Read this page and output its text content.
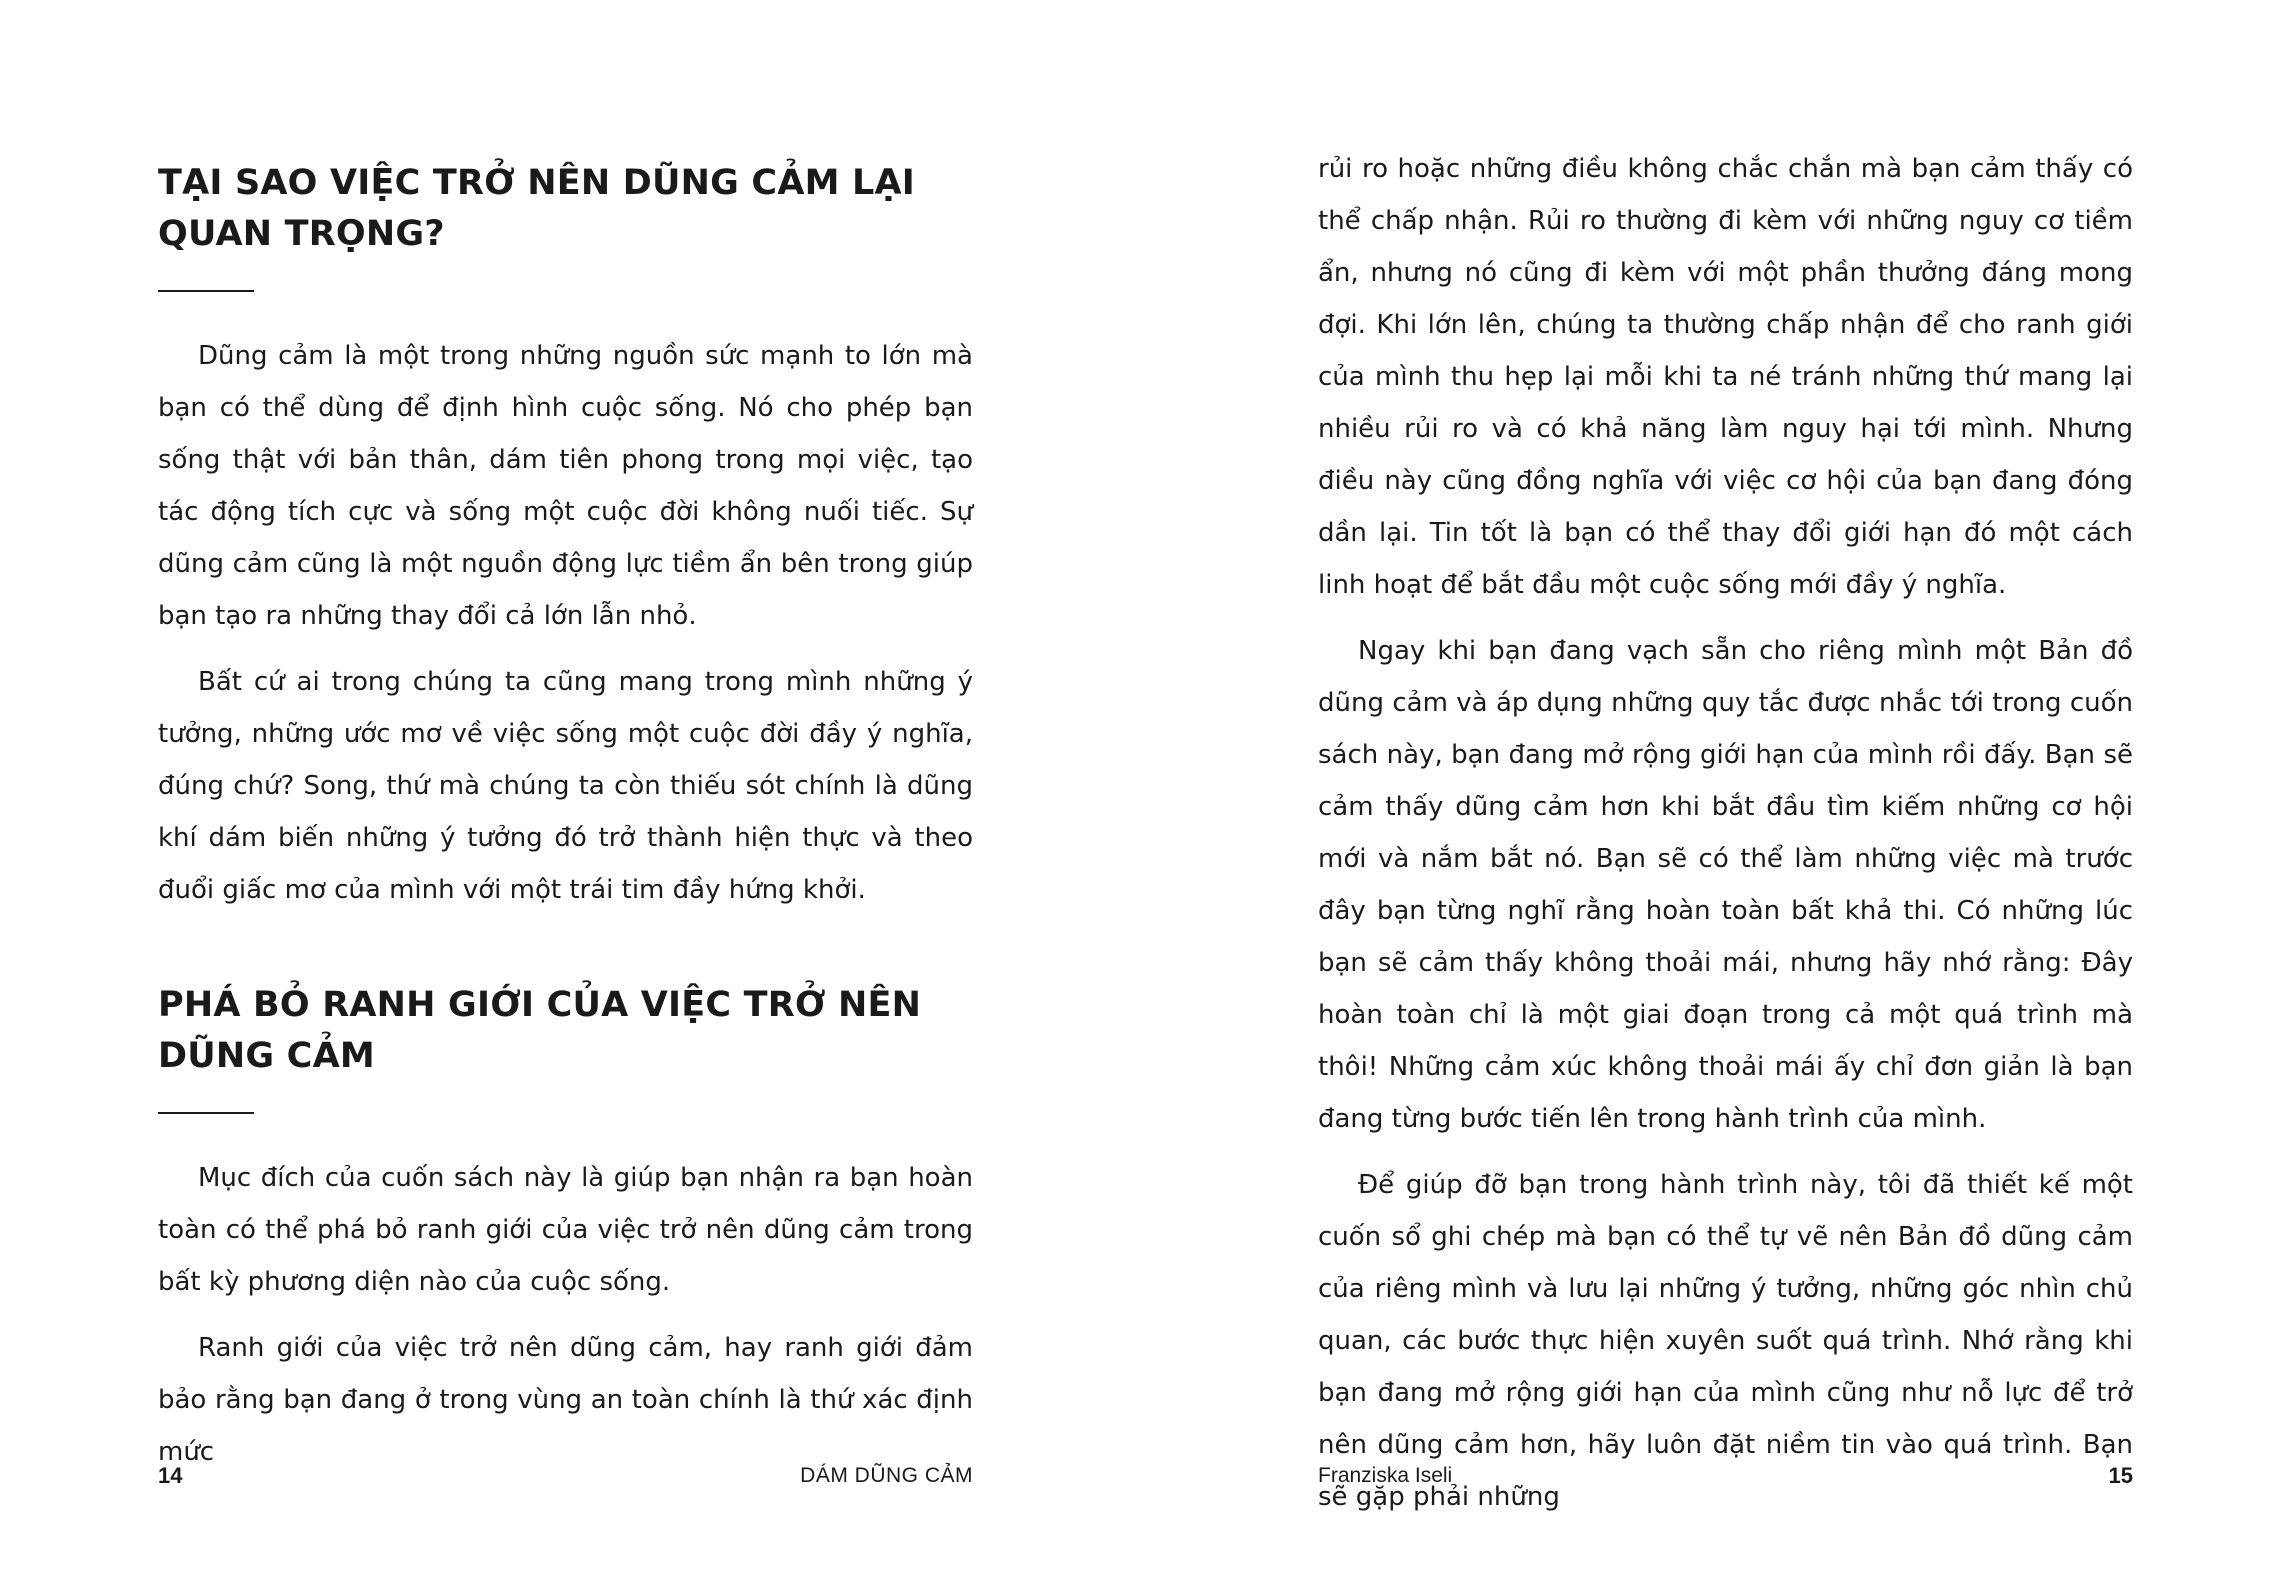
TẠI SAO VIỆC TRỞ NÊN DŨNG CẢM LẠI
QUAN TRỌNG?

Dũng cảm là một trong những nguồn sức mạnh to lớn mà bạn có thể dùng để định hình cuộc sống. Nó cho phép bạn sống thật với bản thân, dám tiên phong trong mọi việc, tạo tác động tích cực và sống một cuộc đời không nuối tiếc. Sự dũng cảm cũng là một nguồn động lực tiềm ẩn bên trong giúp bạn tạo ra những thay đổi cả lớn lẫn nhỏ.

Bất cứ ai trong chúng ta cũng mang trong mình những ý tưởng, những ước mơ về việc sống một cuộc đời đầy ý nghĩa, đúng chứ? Song, thứ mà chúng ta còn thiếu sót chính là dũng khí dám biến những ý tưởng đó trở thành hiện thực và theo đuổi giấc mơ của mình với một trái tim đầy hứng khởi.

PHÁ BỎ RANH GIỚI CỦA VIỆC TRỞ NÊN
DŨNG CẢM

Mục đích của cuốn sách này là giúp bạn nhận ra bạn hoàn toàn có thể phá bỏ ranh giới của việc trở nên dũng cảm trong bất kỳ phương diện nào của cuộc sống.

Ranh giới của việc trở nên dũng cảm, hay ranh giới đảm bảo rằng bạn đang ở trong vùng an toàn chính là thứ xác định mức

14	DÁM DŨNG CẢM

rủi ro hoặc những điều không chắc chắn mà bạn cảm thấy có thể chấp nhận. Rủi ro thường đi kèm với những nguy cơ tiềm ẩn, nhưng nó cũng đi kèm với một phần thưởng đáng mong đợi. Khi lớn lên, chúng ta thường chấp nhận để cho ranh giới của mình thu hẹp lại mỗi khi ta né tránh những thứ mang lại nhiều rủi ro và có khả năng làm nguy hại tới mình. Nhưng điều này cũng đồng nghĩa với việc cơ hội của bạn đang đóng dần lại. Tin tốt là bạn có thể thay đổi giới hạn đó một cách linh hoạt để bắt đầu một cuộc sống mới đầy ý nghĩa.

Ngay khi bạn đang vạch sẵn cho riêng mình một Bản đồ dũng cảm và áp dụng những quy tắc được nhắc tới trong cuốn sách này, bạn đang mở rộng giới hạn của mình rồi đấy. Bạn sẽ cảm thấy dũng cảm hơn khi bắt đầu tìm kiếm những cơ hội mới và nắm bắt nó. Bạn sẽ có thể làm những việc mà trước đây bạn từng nghĩ rằng hoàn toàn bất khả thi. Có những lúc bạn sẽ cảm thấy không thoải mái, nhưng hãy nhớ rằng: Đây hoàn toàn chỉ là một giai đoạn trong cả một quá trình mà thôi! Những cảm xúc không thoải mái ấy chỉ đơn giản là bạn đang từng bước tiến lên trong hành trình của mình.

Để giúp đỡ bạn trong hành trình này, tôi đã thiết kế một cuốn sổ ghi chép mà bạn có thể tự vẽ nên Bản đồ dũng cảm của riêng mình và lưu lại những ý tưởng, những góc nhìn chủ quan, các bước thực hiện xuyên suốt quá trình. Nhớ rằng khi bạn đang mở rộng giới hạn của mình cũng như nỗ lực để trở nên dũng cảm hơn, hãy luôn đặt niềm tin vào quá trình. Bạn sẽ gặp phải những

Franziska Iseli	15
